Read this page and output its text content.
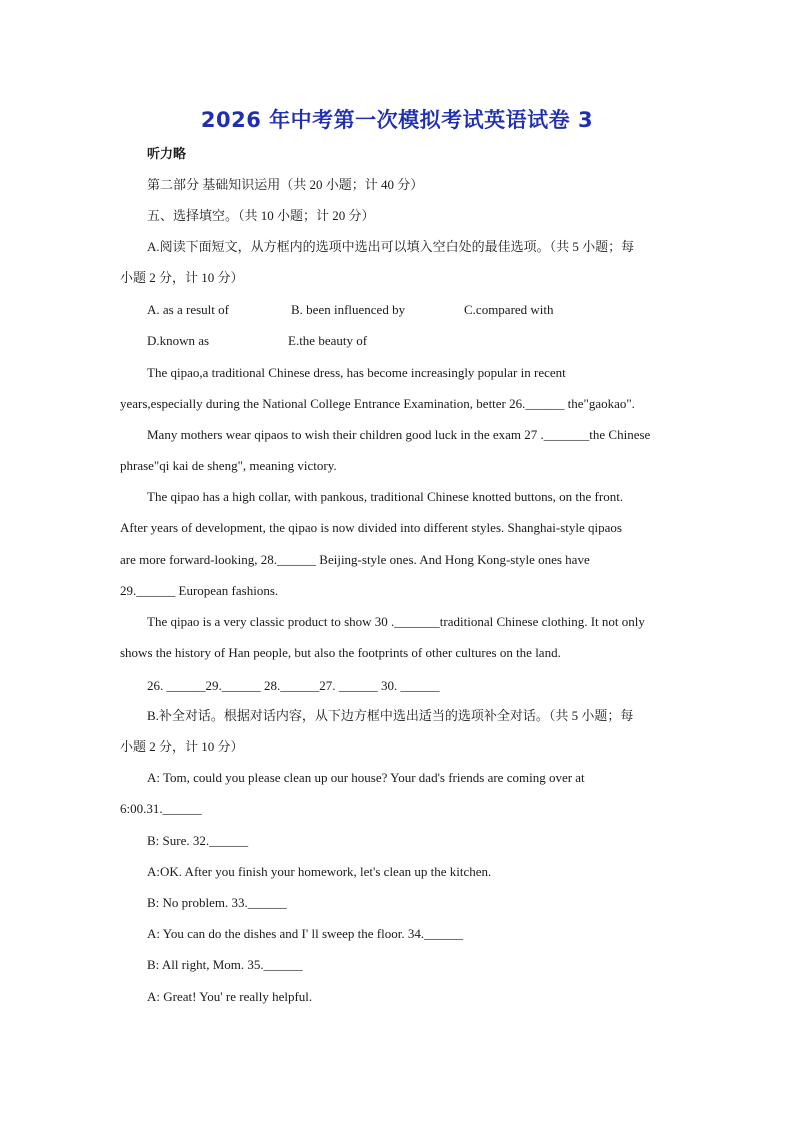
2026 年中考第一次模拟考试英语试卷 3
听力略
第二部分 基础知识运用（共 20 小题；计 40 分）
五、选择填空。（共 10 小题；计 20 分）
A.阅读下面短文，从方框内的选项中选出可以填入空白处的最佳选项。（共 5 小题；每
小题 2 分，计 10 分）
A. as a result of	B. been influenced by	C.compared with
D.known as	E.the beauty of
The qipao,a traditional Chinese dress, has become increasingly popular in recent
years,especially during the National College Entrance Examination, better 26.______ the"gaokao".
Many mothers wear qipaos to wish their children good luck in the exam 27 ._______the Chinese
phrase"qi kai de sheng", meaning victory.
The qipao has a high collar, with pankous, traditional Chinese knotted buttons, on the front.
After years of development, the qipao is now divided into different styles. Shanghai-style qipaos
are more forward-looking, 28.______ Beijing-style ones. And Hong Kong-style ones have
29.______ European fashions.
The qipao is a very classic product to show 30 ._______traditional Chinese clothing. It not only
shows the history of Han people, but also the footprints of other cultures on the land.
26. ______29.______ 28.______27. ______ 30. ______
B.补全对话。根据对话内容，从下边方框中选出适当的选项补全对话。（共 5 小题；每
小题 2 分，计 10 分）
A: Tom, could you please clean up our house? Your dad's friends are coming over at
6:00.31.______
B: Sure. 32.______
A:OK. After you finish your homework, let's clean up the kitchen.
B: No problem. 33.______
A: You can do the dishes and I' ll sweep the floor. 34.______
B: All right, Mom. 35.______
A: Great! You' re really helpful.
